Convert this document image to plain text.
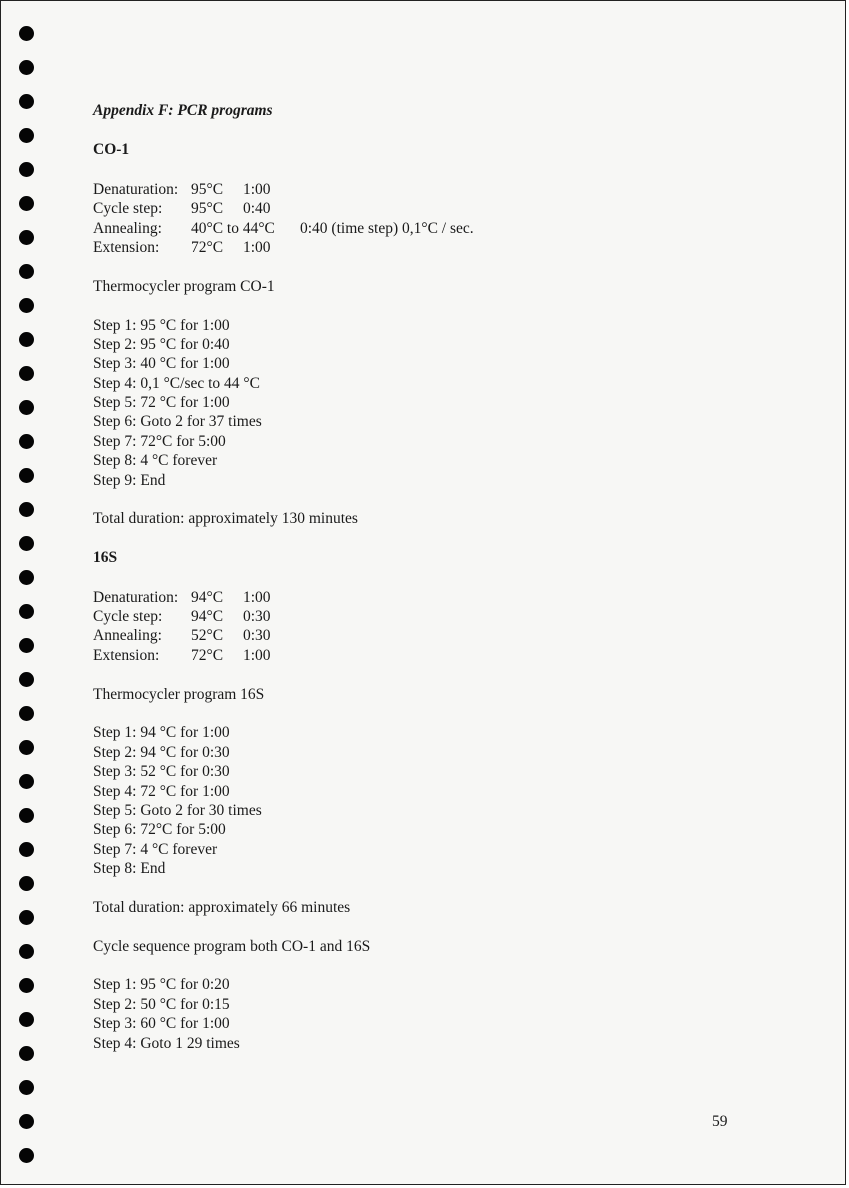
Appendix F: PCR programs
CO-1
Denaturation: 95°C	1:00
Cycle step:	95°C	0:40
Annealing:	40°C to 44°C	0:40 (time step) 0,1°C / sec.
Extension:	72°C	1:00
Thermocycler program CO-1
Step 1: 95 °C for 1:00
Step 2: 95 °C for 0:40
Step 3: 40 °C for 1:00
Step 4: 0,1 °C/sec to 44 °C
Step 5: 72 °C for 1:00
Step 6: Goto 2 for 37 times
Step 7: 72°C for 5:00
Step 8: 4 °C forever
Step 9: End
Total duration: approximately 130 minutes
16S
Denaturation: 94°C	1:00
Cycle step:	94°C	0:30
Annealing:	52°C	0:30
Extension:	72°C	1:00
Thermocycler program 16S
Step 1: 94 °C for 1:00
Step 2: 94 °C for 0:30
Step 3: 52 °C for 0:30
Step 4: 72 °C for 1:00
Step 5: Goto 2 for 30 times
Step 6: 72°C for 5:00
Step 7: 4 °C forever
Step 8: End
Total duration: approximately 66 minutes
Cycle sequence program both CO-1 and 16S
Step 1: 95 °C for 0:20
Step 2: 50 °C for 0:15
Step 3: 60 °C for 1:00
Step 4: Goto 1 29 times
59
